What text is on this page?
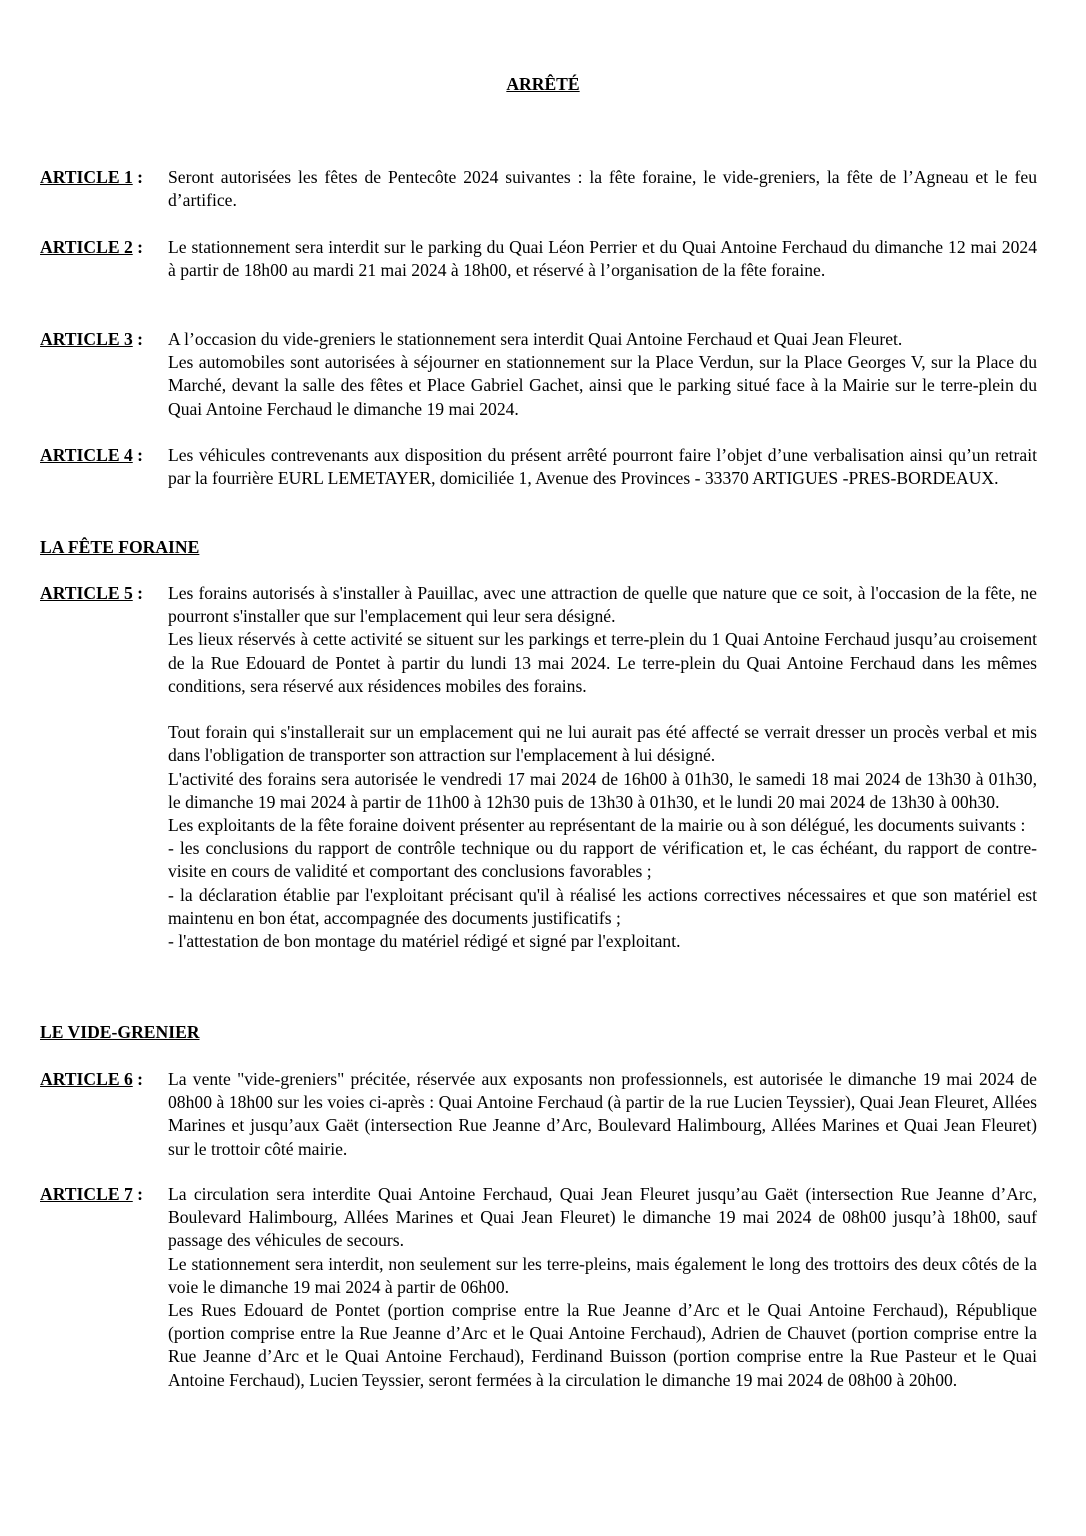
ARRÊTÉ
ARTICLE 1 :	Seront autorisées les fêtes de Pentecôte 2024 suivantes : la fête foraine, le vide-greniers, la fête de l’Agneau et le feu d’artifice.

ARTICLE 2 :	Le stationnement sera interdit sur le parking du Quai Léon Perrier et du Quai Antoine Ferchaud du dimanche 12 mai 2024 à partir de 18h00 au mardi 21 mai 2024 à 18h00, et réservé à l’organisation de la fête foraine.

ARTICLE 3 :	A l’occasion du vide-greniers le stationnement sera interdit Quai Antoine Ferchaud et Quai Jean Fleuret.

Les automobiles sont autorisées à séjourner en stationnement sur la Place Verdun, sur la Place Georges V, sur la Place du Marché, devant la salle des fêtes et Place Gabriel Gachet, ainsi que le parking situé face à la Mairie sur le terre-plein du Quai Antoine Ferchaud le dimanche 19 mai 2024.

ARTICLE 4 :	Les véhicules contrevenants aux disposition du présent arrêté pourront faire l’objet d’une verbalisation ainsi qu’un retrait par la fourrière EURL LEMETAYER, domiciliée 1, Avenue des Provinces - 33370 ARTIGUES -PRES-BORDEAUX.

LA FÊTE FORAINE
ARTICLE 5 :	Les forains autorisés à s'installer à Pauillac, avec une attraction de quelle que nature que ce soit, à l'occasion de la fête, ne pourront s'installer que sur l'emplacement qui leur sera désigné.

Les lieux réservés à cette activité se situent sur les parkings et terre-plein du 1 Quai Antoine Ferchaud jusqu’au croisement de la Rue Edouard de Pontet à partir du lundi 13 mai 2024. Le terre-plein du Quai Antoine Ferchaud dans les mêmes conditions, sera réservé aux résidences mobiles des forains.

Tout forain qui s'installerait sur un emplacement qui ne lui aurait pas été affecté se verrait dresser un procès verbal et mis dans l'obligation de transporter son attraction sur l'emplacement à lui désigné.

L'activité des forains sera autorisée le vendredi 17 mai 2024 de 16h00 à 01h30, le samedi 18 mai 2024 de 13h30 à 01h30, le dimanche 19 mai 2024 à partir de 11h00 à 12h30 puis de 13h30 à 01h30, et le lundi 20 mai 2024 de 13h30 à 00h30.

Les exploitants de la fête foraine doivent présenter au représentant de la mairie ou à son délégué, les documents suivants :

- les conclusions du rapport de contrôle technique ou du rapport de vérification et, le cas échéant, du rapport de contre-visite en cours de validité et comportant des conclusions favorables ;

- la déclaration établie par l'exploitant précisant qu'il à réalisé les actions correctives nécessaires et que son matériel est maintenu en bon état, accompagnée des documents justificatifs ;

- l'attestation de bon montage du matériel rédigé et signé par l'exploitant.

LE VIDE-GRENIER
ARTICLE 6 :	La vente "vide-greniers" précitée, réservée aux exposants non professionnels, est autorisée le dimanche 19 mai 2024 de 08h00 à 18h00 sur les voies ci-après : Quai Antoine Ferchaud (à partir de la rue Lucien Teyssier), Quai Jean Fleuret, Allées Marines et jusqu’aux Gaët (intersection Rue Jeanne d’Arc, Boulevard Halimbourg, Allées Marines et Quai Jean Fleuret) sur le trottoir côté mairie.

ARTICLE 7 :	La circulation sera interdite Quai Antoine Ferchaud, Quai Jean Fleuret jusqu’au Gaët (intersection Rue Jeanne d’Arc, Boulevard Halimbourg, Allées Marines et Quai Jean Fleuret) le dimanche 19 mai 2024 de 08h00 jusqu’à 18h00, sauf passage des véhicules de secours.

Le stationnement sera interdit, non seulement sur les terre-pleins, mais également le long des trottoirs des deux côtés de la voie le dimanche 19 mai 2024 à partir de 06h00.

Les Rues Edouard de Pontet (portion comprise entre la Rue Jeanne d’Arc et le Quai Antoine Ferchaud), République (portion comprise entre la Rue Jeanne d’Arc et le Quai Antoine Ferchaud), Adrien de Chauvet (portion comprise entre la Rue Jeanne d’Arc et le Quai Antoine Ferchaud), Ferdinand Buisson (portion comprise entre la Rue Pasteur et le Quai Antoine Ferchaud), Lucien Teyssier, seront fermées à la circulation le dimanche 19 mai 2024 de 08h00 à 20h00.
